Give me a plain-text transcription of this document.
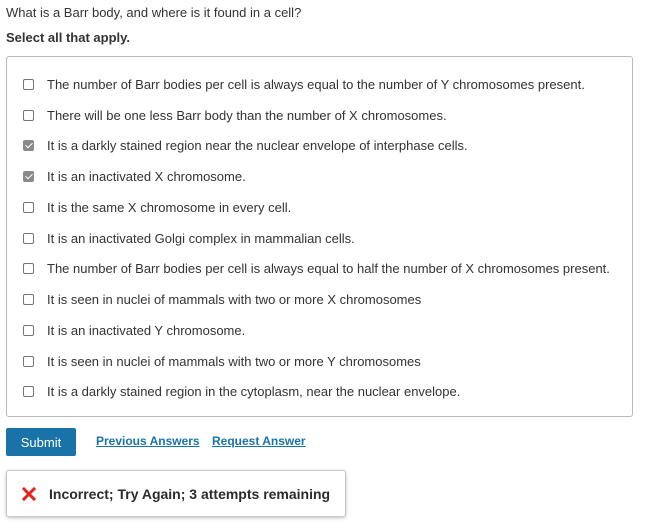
What is a Barr body, and where is it found in a cell?

Select all that apply.

The number of Barr bodies per cell is always equal to the number of Y chromosomes present.
There will be one less Barr body than the number of X chromosomes.
It is a darkly stained region near the nuclear envelope of interphase cells.
It is an inactivated X chromosome.
It is the same X chromosome in every cell.
It is an inactivated Golgi complex in mammalian cells.
The number of Barr bodies per cell is always equal to half the number of X chromosomes present.
It is seen in nuclei of mammals with two or more X chromosomes
It is an inactivated Y chromosome.
It is seen in nuclei of mammals with two or more Y chromosomes
It is a darkly stained region in the cytoplasm, near the nuclear envelope.
Submit	Previous Answers Request Answer
Incorrect; Try Again; 3 attempts remaining
